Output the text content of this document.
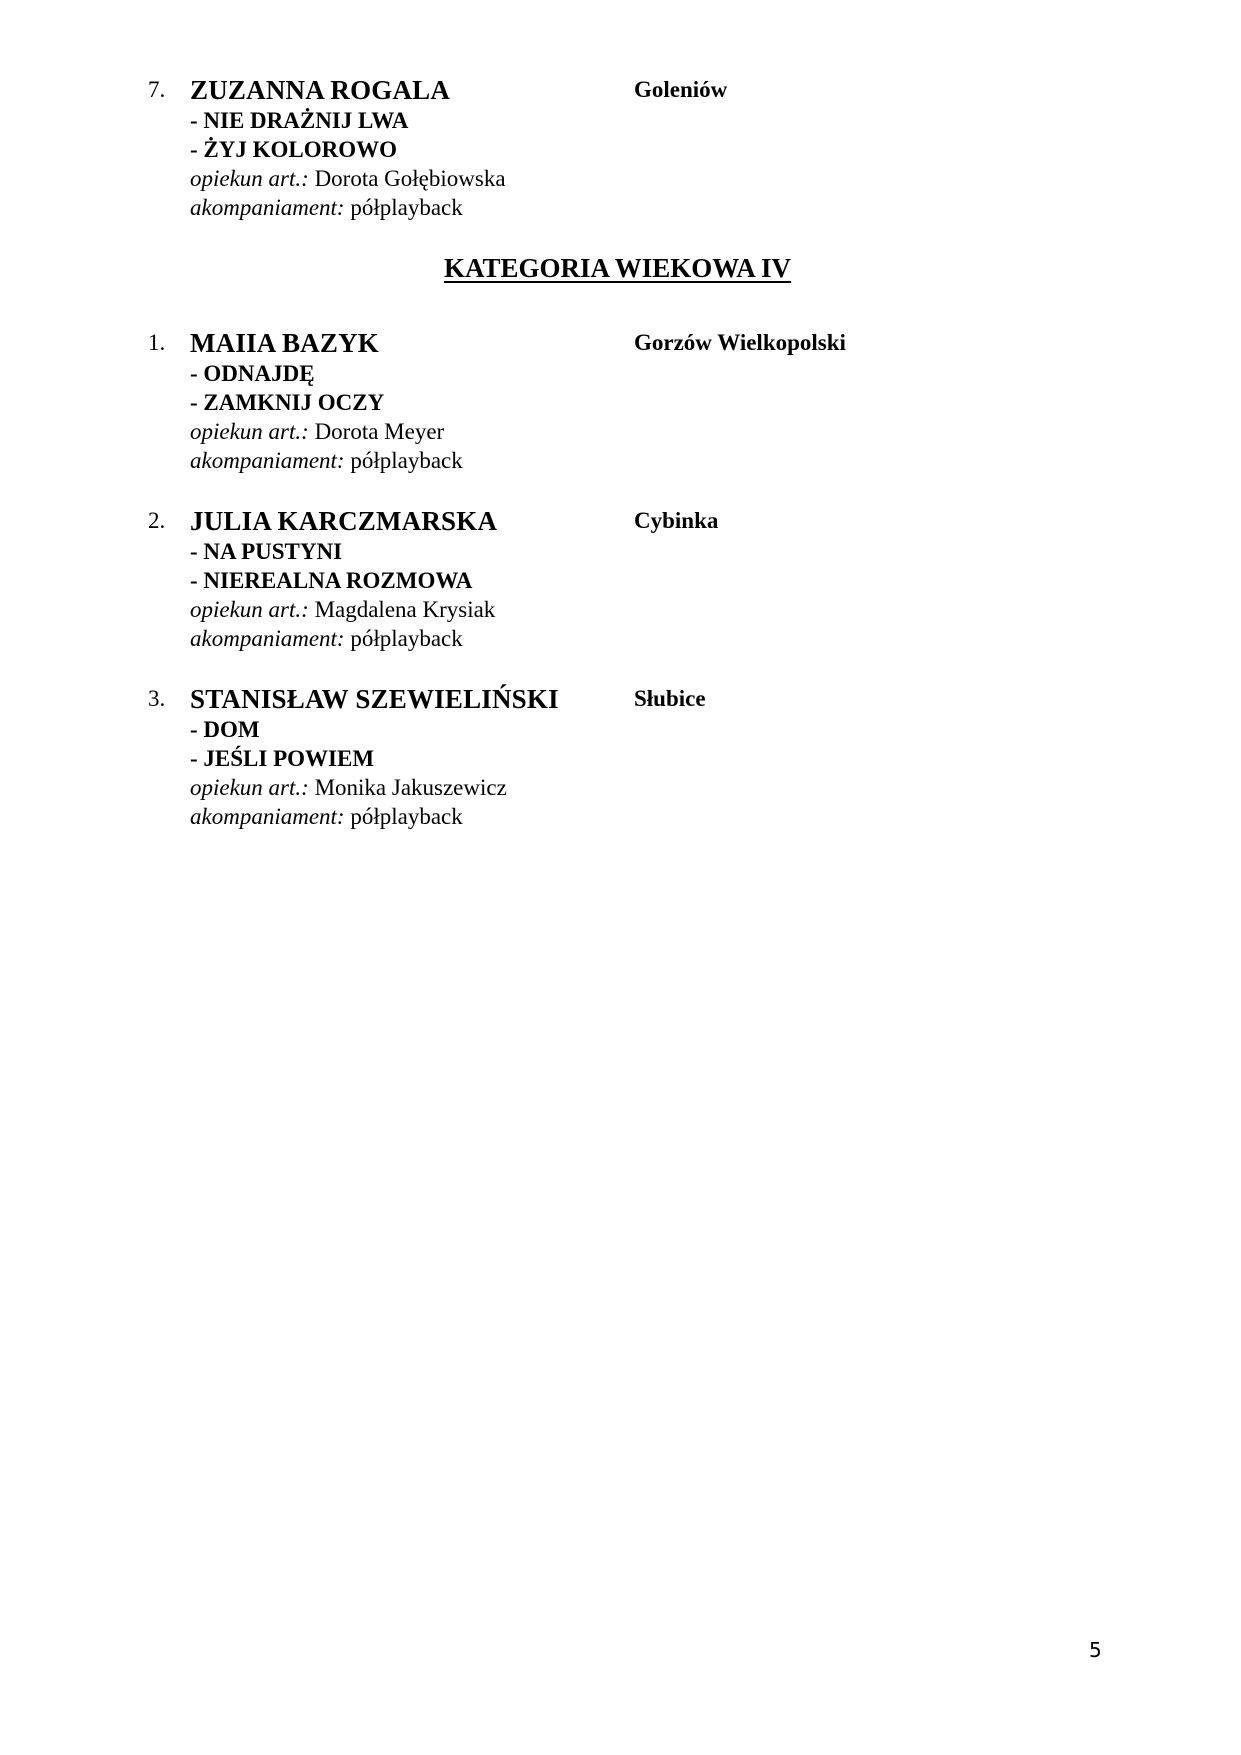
7. ZUZANNA ROGALA
- NIE DRAŻNIJ LWA
- ŻYJ KOLOROWO
opiekun art.: Dorota Gołębiowska
akompaniament: półplayback
Goleniów
KATEGORIA WIEKOWA IV
1. MAIIA BAZYK
- ODNAJDĘ
- ZAMKNIJ OCZY
opiekun art.: Dorota Meyer
akompaniament: półplayback
Gorzów Wielkopolski
2. JULIA KARCZMARSKA
- NA PUSTYNI
- NIEREALNA ROZMOWA
opiekun art.: Magdalena Krysiak
akompaniament: półplayback
Cybinka
3. STANISŁAW SZEWIELIŃSKI
- DOM
- JEŚLI POWIEM
opiekun art.: Monika Jakuszewicz
akompaniament: półplayback
Słubice
5
